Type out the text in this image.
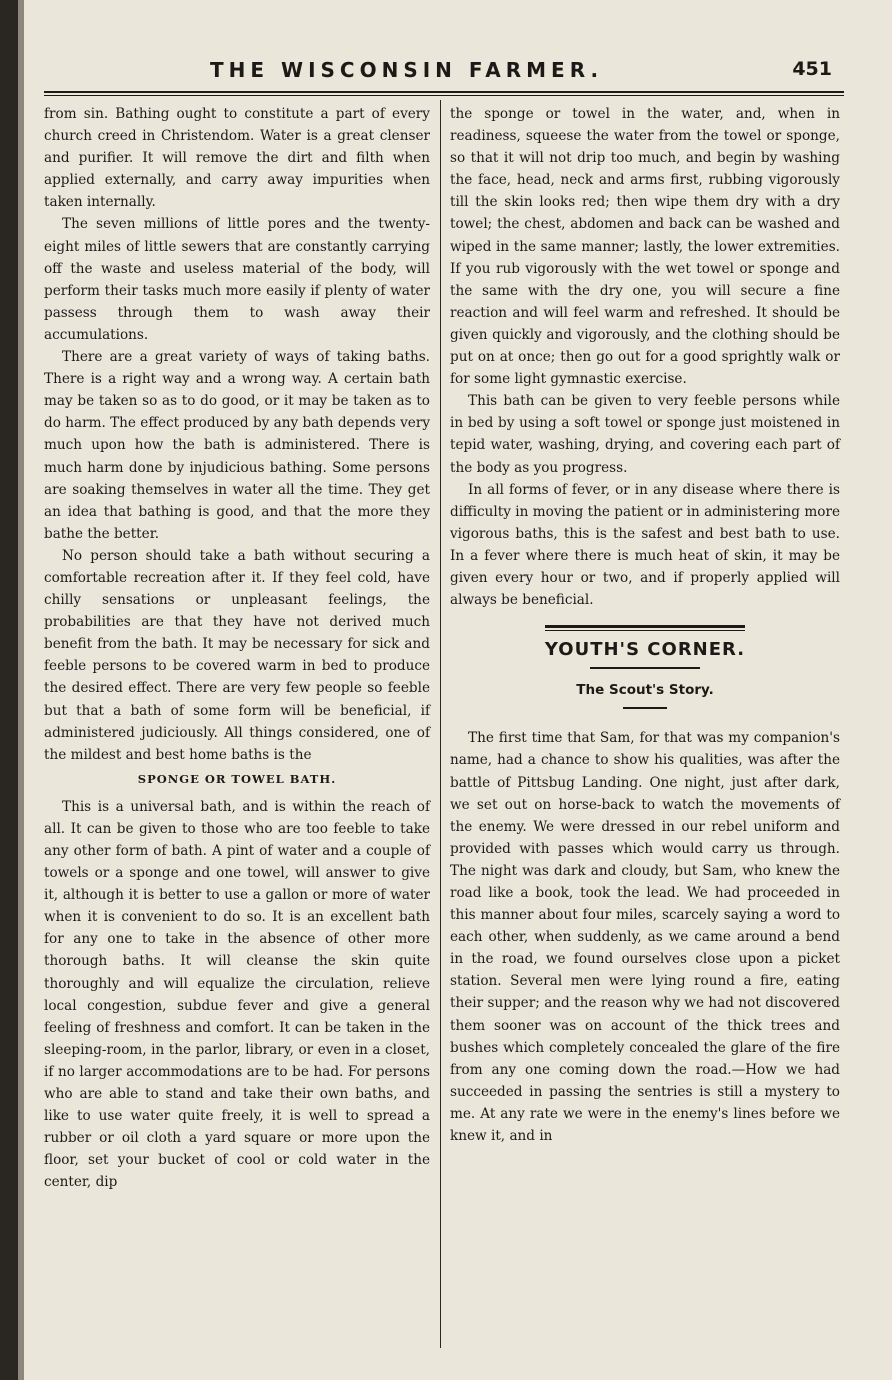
THE WISCONSIN FARMER.	451

from sin. Bathing ought to constitute a part of every church creed in Christendom. Water is a great clenser and purifier. It will remove the dirt and filth when applied externally, and carry away impurities when taken internally.

The seven millions of little pores and the twenty-eight miles of little sewers that are constantly carrying off the waste and useless material of the body, will perform their tasks much more easily if plenty of water passess through them to wash away their accumulations.

There are a great variety of ways of taking baths. There is a right way and a wrong way. A certain bath may be taken so as to do good, or it may be taken as to do harm. The effect produced by any bath depends very much upon how the bath is administered. There is much harm done by injudicious bathing. Some persons are soaking themselves in water all the time. They get an idea that bathing is good, and that the more they bathe the better.

No person should take a bath without securing a comfortable recreation after it. If they feel cold, have chilly sensations or unpleasant feelings, the probabilities are that they have not derived much benefit from the bath. It may be necessary for sick and feeble persons to be covered warm in bed to produce the desired effect. There are very few people so feeble but that a bath of some form will be beneficial, if administered judiciously. All things considered, one of the mildest and best home baths is the

SPONGE OR TOWEL BATH.

This is a universal bath, and is within the reach of all. It can be given to those who are too feeble to take any other form of bath. A pint of water and a couple of towels or a sponge and one towel, will answer to give it, although it is better to use a gallon or more of water when it is convenient to do so. It is an excellent bath for any one to take in the absence of other more thorough baths. It will cleanse the skin quite thoroughly and will equalize the circulation, relieve local congestion, subdue fever and give a general feeling of freshness and comfort. It can be taken in the sleeping-room, in the parlor, library, or even in a closet, if no larger accommodations are to be had. For persons who are able to stand and take their own baths, and like to use water quite freely, it is well to spread a rubber or oil cloth a yard square or more upon the floor, set your bucket of cool or cold water in the center, dip

the sponge or towel in the water, and, when in readiness, squeese the water from the towel or sponge, so that it will not drip too much, and begin by washing the face, head, neck and arms first, rubbing vigorously till the skin looks red; then wipe them dry with a dry towel; the chest, abdomen and back can be washed and wiped in the same manner; lastly, the lower extremities. If you rub vigorously with the wet towel or sponge and the same with the dry one, you will secure a fine reaction and will feel warm and refreshed. It should be given quickly and vigorously, and the clothing should be put on at once; then go out for a good sprightly walk or for some light gymnastic exercise.

This bath can be given to very feeble persons while in bed by using a soft towel or sponge just moistened in tepid water, washing, drying, and covering each part of the body as you progress.

In all forms of fever, or in any disease where there is difficulty in moving the patient or in administering more vigorous baths, this is the safest and best bath to use. In a fever where there is much heat of skin, it may be given every hour or two, and if properly applied will always be beneficial.

YOUTH'S CORNER.
The Scout's Story.

The first time that Sam, for that was my companion's name, had a chance to show his qualities, was after the battle of Pittsbug Landing. One night, just after dark, we set out on horse-back to watch the movements of the enemy. We were dressed in our rebel uniform and provided with passes which would carry us through. The night was dark and cloudy, but Sam, who knew the road like a book, took the lead. We had proceeded in this manner about four miles, scarcely saying a word to each other, when suddenly, as we came around a bend in the road, we found ourselves close upon a picket station. Several men were lying round a fire, eating their supper; and the reason why we had not discovered them sooner was on account of the thick trees and bushes which completely concealed the glare of the fire from any one coming down the road.—How we had succeeded in passing the sentries is still a mystery to me. At any rate we were in the enemy's lines before we knew it, and in
